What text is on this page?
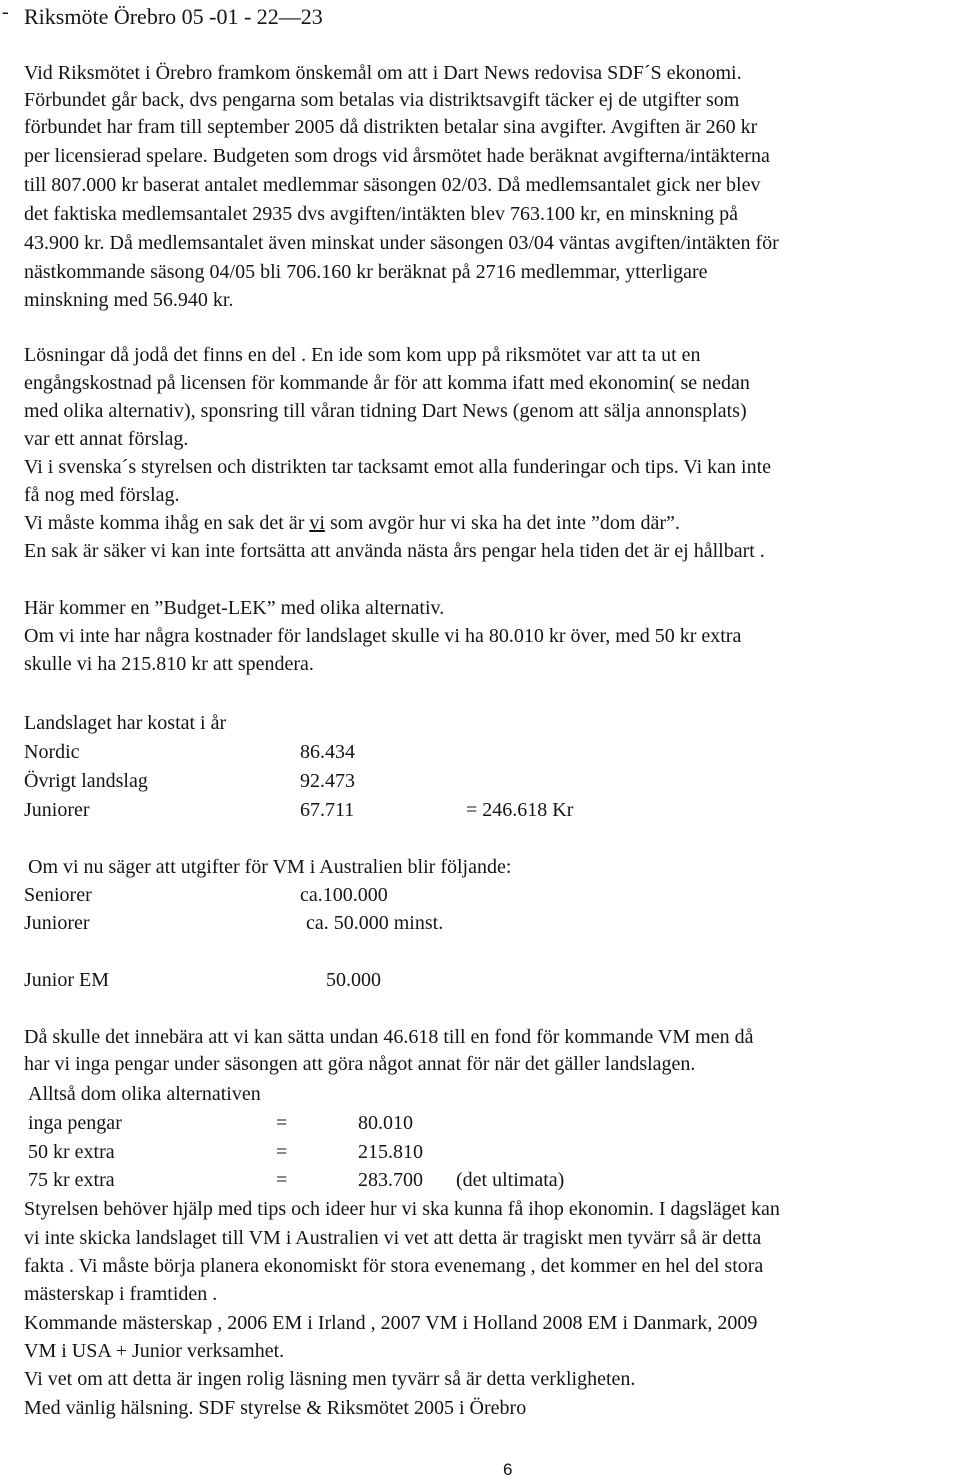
- Riksmöte Örebro 05 -01 - 22—23
Vid Riksmötet i Örebro framkom önskemål om att i Dart News redovisa SDF´S ekonomi.
Förbundet går back, dvs pengarna som betalas via distriktsavgift täcker ej de utgifter som
förbundet har fram till september 2005 då distrikten betalar sina avgifter. Avgiften är 260 kr
per licensierad spelare. Budgeten som drogs vid årsmötet hade beräknat avgifterna/intäkterna
till 807.000 kr baserat antalet medlemmar säsongen 02/03. Då medlemsantalet gick ner blev
det faktiska medlemsantalet 2935 dvs avgiften/intäkten blev 763.100 kr, en minskning på
43.900 kr. Då medlemsantalet även minskat under säsongen 03/04 väntas avgiften/intäkten för
nästkommande säsong 04/05 bli 706.160 kr beräknat på 2716 medlemmar, ytterligare
minskning med 56.940 kr.
Lösningar då jodå det finns en del . En ide som kom upp på riksmötet var att ta ut en
engångskostnad på licensen för kommande år för att komma ifatt med ekonomin( se nedan
med olika alternativ), sponsring till våran tidning Dart News (genom att sälja annonsplats)
var ett annat förslag.
Vi i svenska´s styrelsen och distrikten tar tacksamt emot alla funderingar och tips. Vi kan inte
få nog med förslag.
Vi måste komma ihåg en sak det är vi som avgör hur vi ska ha det inte ”dom där”.
En sak är säker vi kan inte fortsätta att använda nästa års pengar hela tiden det är ej hållbart .
Här kommer en ”Budget-LEK” med olika alternativ.
Om vi inte har några kostnader för landslaget skulle vi ha 80.010 kr över, med 50 kr extra
skulle vi ha 215.810 kr att spendera.
Landslaget har kostat i år
Nordic	86.434
Övrigt landslag	92.473
Juniorer	67.711	= 246.618 Kr
Om vi nu säger att utgifter för VM i Australien blir följande:
Seniorer	ca.100.000
Juniorer	ca. 50.000 minst.
Junior EM	50.000
Då skulle det innebära att vi kan sätta undan 46.618 till en fond för kommande VM men då
har vi inga pengar under säsongen att göra något annat för när det gäller landslagen.
Alltså dom olika alternativen
inga pengar	=	80.010
50 kr extra	=	215.810
75 kr extra	=	283.700 (det ultimata)
Styrelsen behöver hjälp med tips och ideer hur vi ska kunna få ihop ekonomin. I dagsläget kan
vi inte skicka landslaget till VM i Australien vi vet att detta är tragiskt men tyvärr så är detta
fakta . Vi måste börja planera ekonomiskt för stora evenemang , det kommer en hel del stora
mästerskap i framtiden .
Kommande mästerskap , 2006 EM i Irland , 2007 VM i Holland 2008 EM i Danmark, 2009
VM i USA + Junior verksamhet.
Vi vet om att detta är ingen rolig läsning men tyvärr så är detta verkligheten.
Med vänlig hälsning. SDF styrelse & Riksmötet 2005 i Örebro
6
